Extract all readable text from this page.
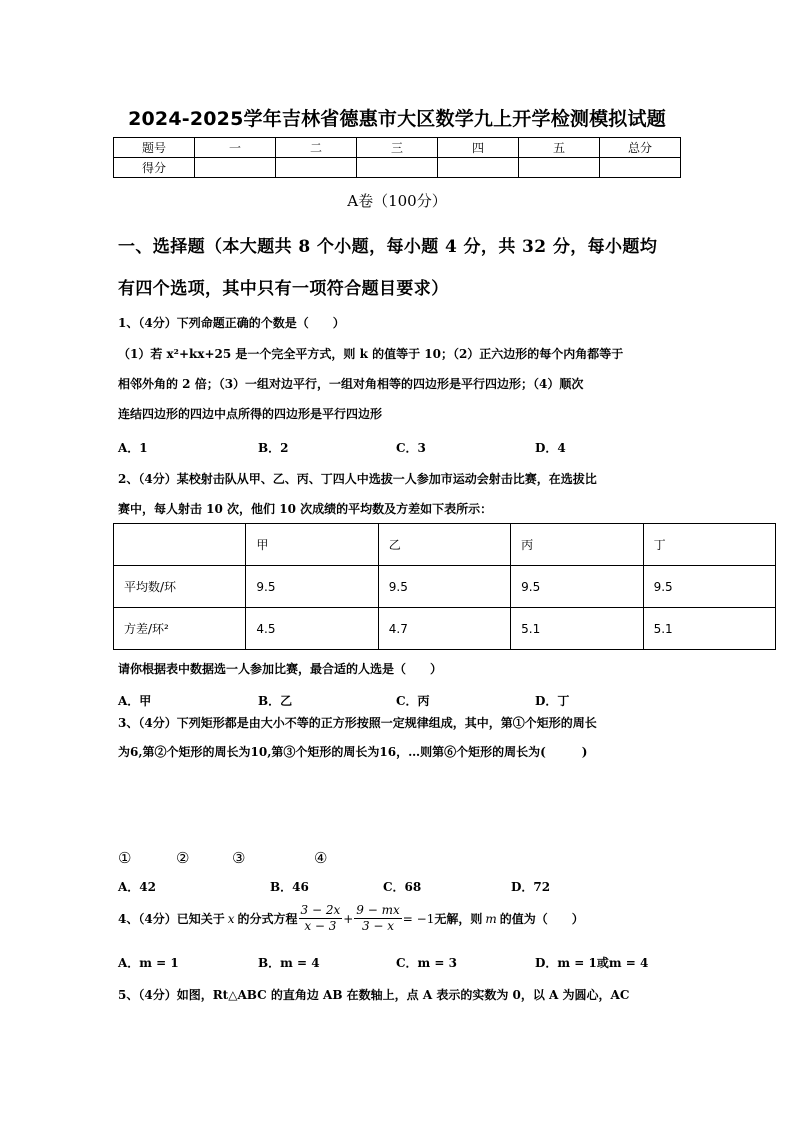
2024-2025学年吉林省德惠市大区数学九上开学检测模拟试题
题号	一	二	三	四	五	总分
得分						
A卷（100分）
一、选择题（本大题共 8 个小题，每小题 4 分，共 32 分，每小题均
有四个选项，其中只有一项符合题目要求）
1、（4分）下列命题正确的个数是（　　）
（1）若 x²+kx+25 是一个完全平方式，则 k 的值等于 10；（2）正六边形的每个内角都等于
相邻外角的 2 倍；（3）一组对边平行，一组对角相等的四边形是平行四边形；（4）顺次
连结四边形的四边中点所得的四边形是平行四边形
A．1	B．2	C．3	D．4
2、（4分）某校射击队从甲、乙、丙、丁四人中选拔一人参加市运动会射击比赛，在选拔比
赛中，每人射击 10 次，他们 10 次成绩的平均数及方差如下表所示：
	甲	乙	丙	丁
平均数/环	9.5	9.5	9.5	9.5
方差/环²	4.5	4.7	5.1	5.1
请你根据表中数据选一人参加比赛，最合适的人选是（　　）
A．甲	B．乙	C．丙	D．丁
3、（4分）下列矩形都是由大小不等的正方形按照一定规律组成，其中，第①个矩形的周长
为6,第②个矩形的周长为10,第③个矩形的周长为16，…则第⑥个矩形的周长为(　　　)
①	②	③	④
A．42	B．46	C．68	D．72
4、（4分）已知关于 x 的分式方程 $\frac{3 - 2x}{x - 3} + \frac{9 - mx}{3 - x} = -1$ 无解，则 m 的值为（　　）
A．m = 1	B．m = 4	C．m = 3	D．m = 1或m = 4
5、（4分）如图，Rt△ABC 的直角边 AB 在数轴上，点 A 表示的实数为 0，以 A 为圆心，AC
